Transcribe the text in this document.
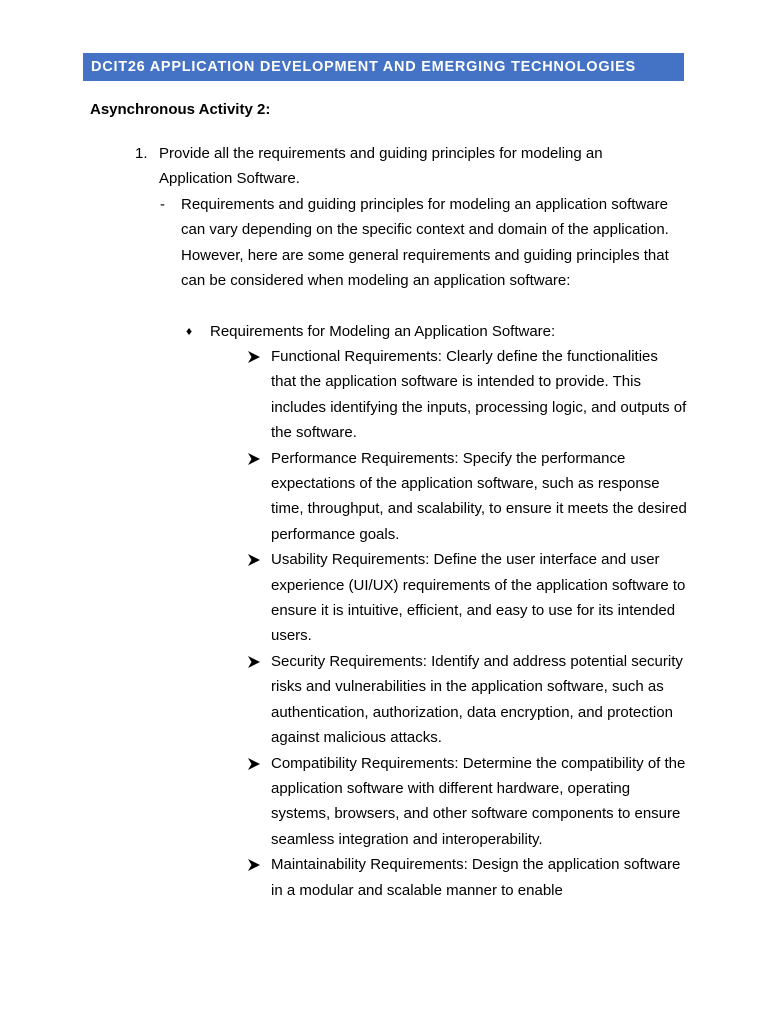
DCIT26 APPLICATION DEVELOPMENT AND EMERGING TECHNOLOGIES
Asynchronous Activity 2:
1. Provide all the requirements and guiding principles for modeling an Application Software.
- Requirements and guiding principles for modeling an application software can vary depending on the specific context and domain of the application. However, here are some general requirements and guiding principles that can be considered when modeling an application software:
♦ Requirements for Modeling an Application Software:
Functional Requirements: Clearly define the functionalities that the application software is intended to provide. This includes identifying the inputs, processing logic, and outputs of the software.
Performance Requirements: Specify the performance expectations of the application software, such as response time, throughput, and scalability, to ensure it meets the desired performance goals.
Usability Requirements: Define the user interface and user experience (UI/UX) requirements of the application software to ensure it is intuitive, efficient, and easy to use for its intended users.
Security Requirements: Identify and address potential security risks and vulnerabilities in the application software, such as authentication, authorization, data encryption, and protection against malicious attacks.
Compatibility Requirements: Determine the compatibility of the application software with different hardware, operating systems, browsers, and other software components to ensure seamless integration and interoperability.
Maintainability Requirements: Design the application software in a modular and scalable manner to enable
